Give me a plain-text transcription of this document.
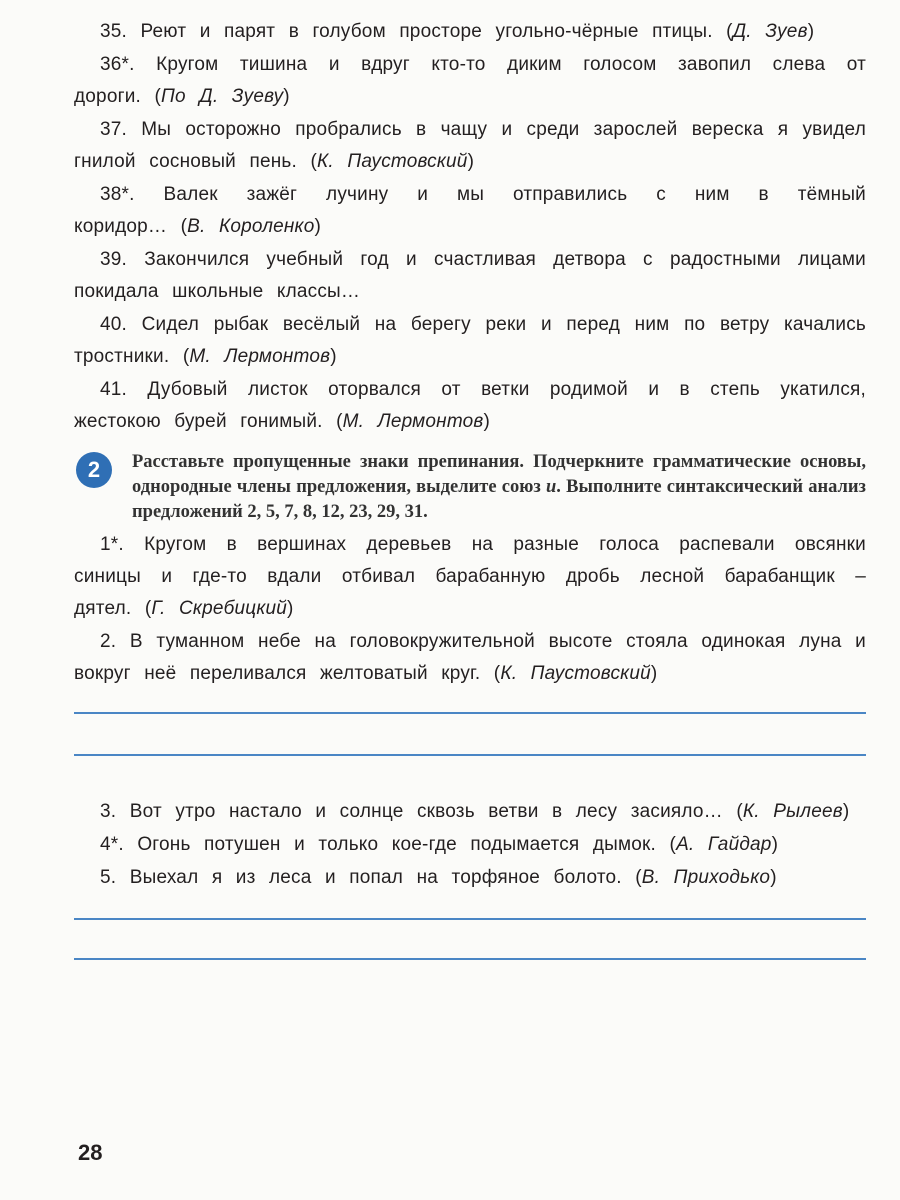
35. Реют и парят в голубом просторе угольно-чёрные птицы. ( Д. Зуев )

36*. Кругом тишина и вдруг кто-то диким голосом завопил слева от дороги. ( По Д. Зуеву )

37. Мы осторожно пробрались в чащу и среди зарослей вереска я увидел гнилой сосновый пень. ( К. Паустовский )

38*. Валек зажёг лучину и мы отправились с ним в тёмный коридор… ( В. Короленко )

39. Закончился учебный год и счастливая детвора с радостными лицами покидала школьные классы…

40. Сидел рыбак весёлый на берегу реки и перед ним по ветру качались тростники. ( М. Лермонтов )

41. Дубовый листок оторвался от ветки родимой и в степь укатился, жестокою бурей гонимый. ( М. Лермонтов )

2	Расставьте пропущенные знаки препинания. Подчеркните грамматические основы, однородные члены предложения, выделите союз и. Выполните синтаксический анализ предложений 2, 5, 7, 8, 12, 23, 29, 31.

1*. Кругом в вершинах деревьев на разные голоса распевали овсянки синицы и где-то вдали отбивал барабанную дробь лесной барабанщик – дятел. ( Г. Скребицкий )

2. В туманном небе на головокружительной высоте стояла одинокая луна и вокруг неё переливался желтоватый круг. ( К. Паустовский )

3. Вот утро настало и солнце сквозь ветви в лесу засияло… ( К. Рылеев )

4*. Огонь потушен и только кое-где подымается дымок. ( А. Гайдар )

5. Выехал я из леса и попал на торфяное болото. ( В. Приходько )

28
